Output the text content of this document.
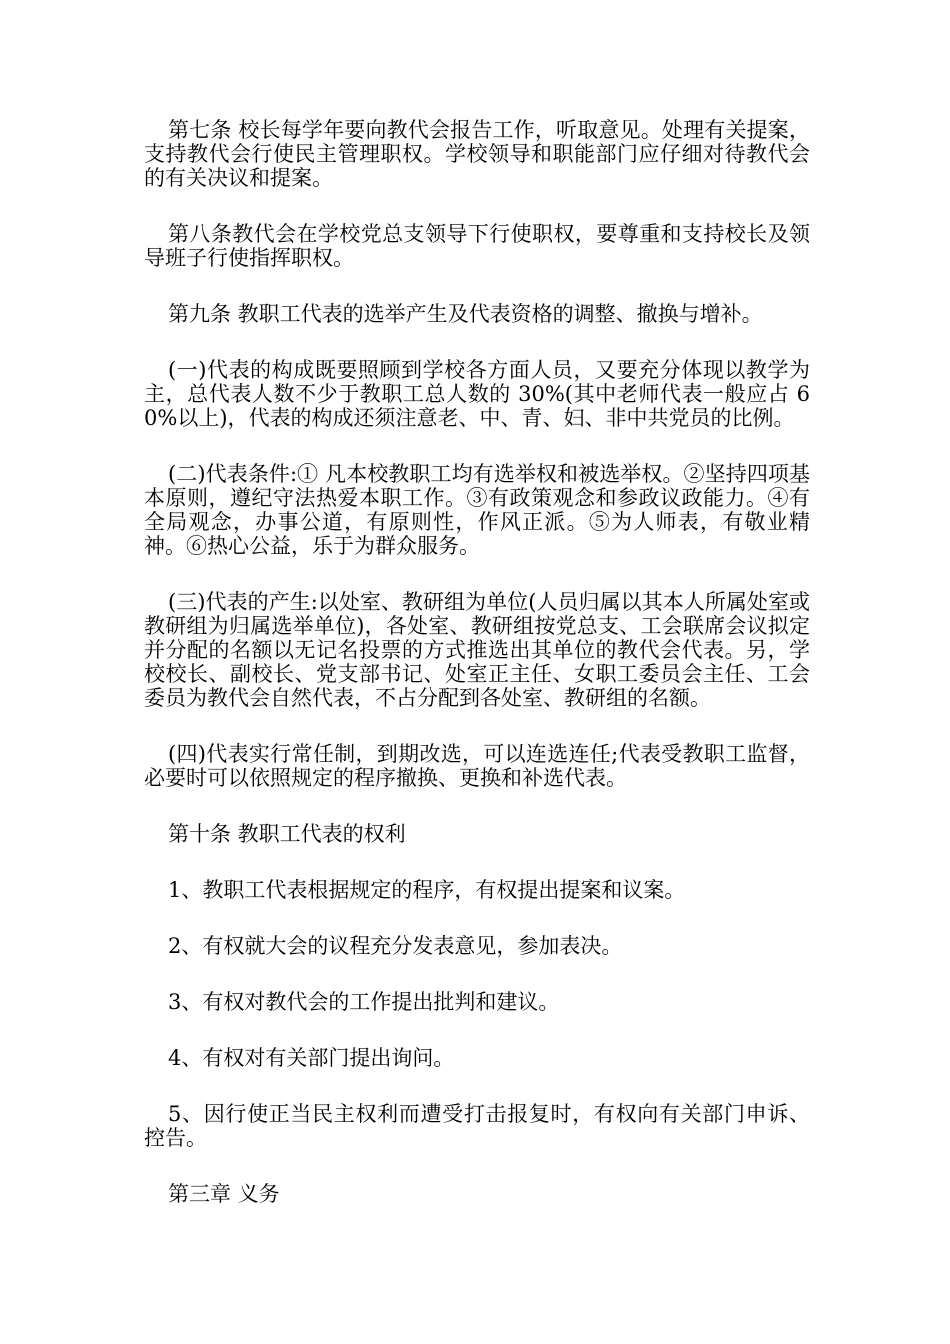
第七条 校长每学年要向教代会报告工作，听取意见。处理有关提案，支持教代会行使民主管理职权。学校领导和职能部门应仔细对待教代会的有关决议和提案。

第八条教代会在学校党总支领导下行使职权，要尊重和支持校长及领导班子行使指挥职权。

第九条 教职工代表的选举产生及代表资格的调整、撤换与增补。

(一)代表的构成既要照顾到学校各方面人员，又要充分体现以教学为主，总代表人数不少于教职工总人数的 30%(其中老师代表一般应占 60%以上)，代表的构成还须注意老、中、青、妇、非中共党员的比例。

(二)代表条件:① 凡本校教职工均有选举权和被选举权。②坚持四项基本原则，遵纪守法热爱本职工作。③有政策观念和参政议政能力。④有全局观念，办事公道，有原则性，作风正派。⑤为人师表，有敬业精神。⑥热心公益，乐于为群众服务。

(三)代表的产生:以处室、教研组为单位(人员归属以其本人所属处室或教研组为归属选举单位)，各处室、教研组按党总支、工会联席会议拟定并分配的名额以无记名投票的方式推选出其单位的教代会代表。另，学校校长、副校长、党支部书记、处室正主任、女职工委员会主任、工会委员为教代会自然代表，不占分配到各处室、教研组的名额。

(四)代表实行常任制，到期改选，可以连选连任;代表受教职工监督，必要时可以依照规定的程序撤换、更换和补选代表。

第十条 教职工代表的权利

1、教职工代表根据规定的程序，有权提出提案和议案。

2、有权就大会的议程充分发表意见，参加表决。

3、有权对教代会的工作提出批判和建议。

4、有权对有关部门提出询问。

5、因行使正当民主权利而遭受打击报复时，有权向有关部门申诉、控告。

第三章 义务
